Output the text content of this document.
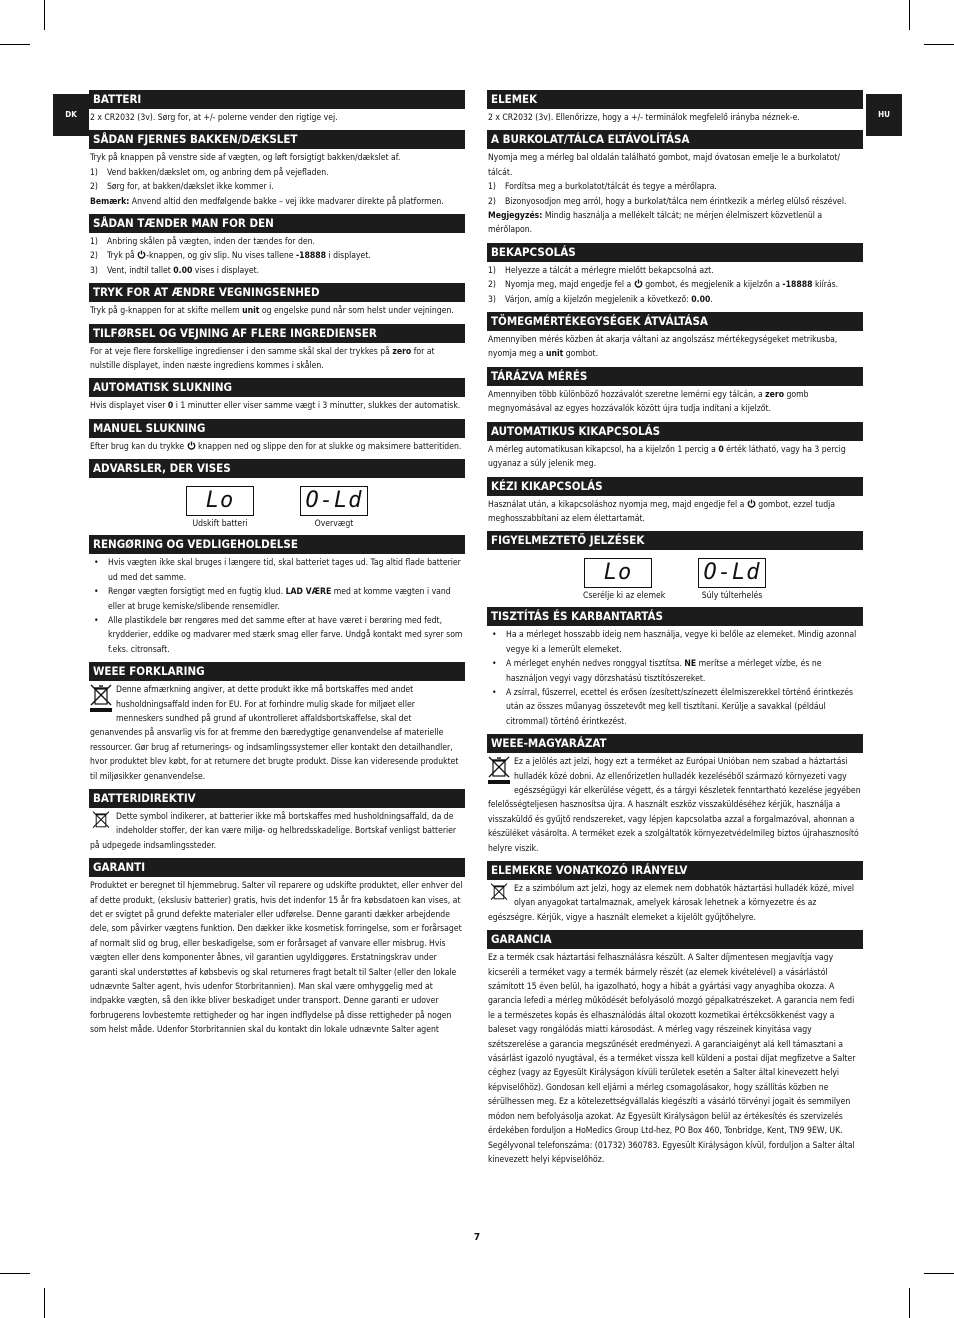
DK	HU
BATTERI

2 x CR2032 (3v). Sørg for, at +/- polerne vender den rigtige vej.

SÅDAN FJERNES BAKKEN/DÆKSLET

Tryk på knappen på venstre side af vægten, og løft forsigtigt bakken/dækslet af.

1) Vend bakken/dækslet om, og anbring dem på vejefladen.
2) Sørg for, at bakken/dækslet ikke kommer i.

Bemærk: Anvend altid den medfølgende bakke – vej ikke madvarer direkte på platformen.

SÅDAN TÆNDER MAN FOR DEN
1) Anbring skålen på vægten, inden der tændes for den.
2) Tryk på -knappen, og giv slip. Nu vises tallene -18888 i displayet.
3) Vent, indtil tallet 0.00 vises i displayet.
TRYK FOR AT ÆNDRE VEGNINGSENHED

Tryk på g-knappen for at skifte mellem unit og engelske pund når som helst under vejningen.

TILFØRSEL OG VEJNING AF FLERE INGREDIENSER

For at veje flere forskellige ingredienser i den samme skål skal der trykkes på zero for at nulstille displayet, inden næste ingrediens kommes i skålen.

AUTOMATISK SLUKNING

Hvis displayet viser 0 i 1 minutter eller viser samme vægt i 3 minutter, slukkes der automatisk.

MANUEL SLUKNING

Efter brug kan du trykke  knappen ned og slippe den for at slukke og maksimere batteritiden.

ADVARSLER, DER VISES
Lo
Udskift batteri
O-Ld
Overvægt
RENGØRING OG VEDLIGEHOLDELSE
• Hvis vægten ikke skal bruges i længere tid, skal batteriet tages ud. Tag altid flade batterier ud med det samme.
• Rengør vægten forsigtigt med en fugtig klud. LAD VÆRE med at komme vægten i vand eller at bruge kemiske/slibende rensemidler.
• Alle plastikdele bør rengøres med det samme efter at have været i berøring med fedt, krydderier, eddike og madvarer med stærk smag eller farve. Undgå kontakt med syrer som f.eks. citronsaft.
WEEE FORKLARING

Denne afmærkning angiver, at dette produkt ikke må bortskaffes med andet husholdningsaffald inden for EU. For at forhindre mulig skade for miljøet eller menneskers sundhed på grund af ukontrolleret affaldsbortskaffelse, skal det genanvendes på ansvarlig vis for at fremme den bæredygtige genanvendelse af materielle ressourcer. Gør brug af returnerings- og indsamlingssystemer eller kontakt den detailhandler, hvor produktet blev købt, for at returnere det brugte produkt. Disse kan videresende produktet til miljøsikker genanvendelse.

BATTERIDIREKTIV

Dette symbol indikerer, at batterier ikke må bortskaffes med husholdningsaffald, da de indeholder stoffer, der kan være miljø- og helbredsskadelige. Bortskaf venligst batterier på udpegede indsamlingssteder.

GARANTI

Produktet er beregnet til hjemmebrug. Salter vil reparere og udskifte produktet, eller enhver del af dette produkt, (ekslusiv batterier) gratis, hvis det indenfor 15 år fra købsdatoen kan vises, at det er svigtet på grund defekte materialer eller udførelse. Denne garanti dækker arbejdende dele, som påvirker vægtens funktion. Den dækker ikke kosmetisk forringelse, som er forårsaget af normalt slid og brug, eller beskadigelse, som er forårsaget af vanvare eller misbrug. Hvis vægten eller dens komponenter åbnes, vil garantien ugyldiggøres. Erstatningskrav under garanti skal understøttes af købsbevis og skal returneres fragt betalt til Salter (eller den lokale udnævnte Salter agent, hvis udenfor Storbritannien). Man skal være omhyggelig med at indpakke vægten, så den ikke bliver beskadiget under transport. Denne garanti er udover forbrugerens lovbestemte rettigheder og har ingen indflydelse på disse rettigheder på nogen som helst måde. Udenfor Storbritannien skal du kontakt din lokale udnævnte Salter agent

ELEMEK

2 x CR2032 (3v). Ellenőrizze, hogy a +/- terminálok megfelelő irányba néznek-e.

A BURKOLAT/TÁLCA ELTÁVOLÍTÁSA

Nyomja meg a mérleg bal oldalán található gombot, majd óvatosan emelje le a burkolatot/ tálcát.

1) Fordítsa meg a burkolatot/tálcát és tegye a mérőlapra.
2) Bizonyosodjon meg arról, hogy a burkolat/tálca nem érintkezik a mérleg elülső részével.

Megjegyzés: Mindig használja a mellékelt tálcát; ne mérjen élelmiszert közvetlenül a mérőlapon.

BEKAPCSOLÁS
1) Helyezze a tálcát a mérlegre mielőtt bekapcsolná azt.
2) Nyomja meg, majd engedje fel a  gombot, és megjelenik a kijelzőn a -18888 kiírás.
3) Várjon, amíg a kijelzőn megjelenik a következő: 0.00.
TÖMEGMÉRTÉKEGYSÉGEK ÁTVÁLTÁSA

Amennyiben mérés közben át akarja váltani az angolszász mértékegységeket metrikusba, nyomja meg a unit gombot.

TÁRÁZVA MÉRÉS

Amennyiben több különböző hozzávalót szeretne lemérni egy tálcán, a zero gomb megnyomásával az egyes hozzávalók között újra tudja indítani a kijelzőt.

AUTOMATIKUS KIKAPCSOLÁS

A mérleg automatikusan kikapcsol, ha a kijelzőn 1 percig a 0 érték látható, vagy ha 3 percig ugyanaz a súly jelenik meg.

KÉZI KIKAPCSOLÁS

Használat után, a kikapcsoláshoz nyomja meg, majd engedje fel a  gombot, ezzel tudja meghosszabbítani az elem élettartamát.

FIGYELMEZTETŐ JELZÉSEK
Lo
Cserélje ki az elemek
O-Ld
Súly túlterhelés
TISZTÍTÁS ÉS KARBANTARTÁS
• Ha a mérleget hosszabb ideig nem használja, vegye ki belőle az elemeket. Mindig azonnal vegye ki a lemerült elemeket.
• A mérleget enyhén nedves ronggyal tisztítsa. NE merítse a mérleget vízbe, és ne használjon vegyi vagy dörzshatású tisztítószereket.
• A zsírral, fűszerrel, ecettel és erősen ízesített/színezett élelmiszerekkel történő érintkezés után az összes műanyag összetevőt meg kell tisztítani. Kerülje a savakkal (például citrommal) történő érintkezést.
WEEE-MAGYARÁZAT

Ez a jelölés azt jelzi, hogy ezt a terméket az Európai Unióban nem szabad a háztartási hulladék közé dobni. Az ellenőrizetlen hulladék kezeléséből származó környezeti vagy egészségügyi kár elkerülése végett, és a tárgyi készletek fenntartható kezelése jegyében felelősségteljesen hasznosítsa újra. A használt eszköz visszaküldéséhez kérjük, használja a visszaküldő és gyűjtő rendszereket, vagy lépjen kapcsolatba azzal a forgalmazóval, ahonnan a készüléket vásárolta. A terméket ezek a szolgáltatók környezetvédelmileg biztos újrahasznosító helyre viszik.

ELEMEKRE VONATKOZÓ IRÁNYELV

Ez a szimbólum azt jelzi, hogy az elemek nem dobhatók háztartási hulladék közé, mivel olyan anyagokat tartalmaznak, amelyek károsak lehetnek a környezetre és az egészségre. Kérjük, vigye a használt elemeket a kijelölt gyűjtőhelyre.

GARANCIA

Ez a termék csak háztartási felhasználásra készült. A Salter díjmentesen megjavítja vagy kicseréli a terméket vagy a termék bármely részét (az elemek kivételével) a vásárlástól számított 15 éven belül, ha igazolható, hogy a hibát a gyártási vagy anyaghiba okozza. A garancia lefedi a mérleg működését befolyásoló mozgó gépalkatrészeket. A garancia nem fedi le a természetes kopás és elhasználódás által okozott kozmetikai értékcsökkenést vagy a baleset vagy rongálódás miatti károsodást. A mérleg vagy részeinek kinyitása vagy szétszerelése a garancia megszűnését eredményezi. A garanciaigényt alá kell támasztani a vásárlást igazoló nyugtával, és a terméket vissza kell küldeni a postai díjat megfizetve a Salter céghez (vagy az Egyesült Királyságon kívüli területek esetén a Salter által kinevezett helyi képviselőhöz). Gondosan kell eljárni a mérleg csomagolásakor, hogy szállítás közben ne sérülhessen meg. Ez a kötelezettségvállalás kiegészíti a vásárló törvényi jogait és semmilyen módon nem befolyásolja azokat. Az Egyesült Királyságon belül az értékesítés és szervizelés érdekében forduljon a HoMedics Group Ltd-hez, PO Box 460, Tonbridge, Kent, TN9 9EW, UK. Segélyvonal telefonszáma: (01732) 360783. Egyesült Királyságon kívül, forduljon a Salter által kinevezett helyi képviselőhöz.

7
